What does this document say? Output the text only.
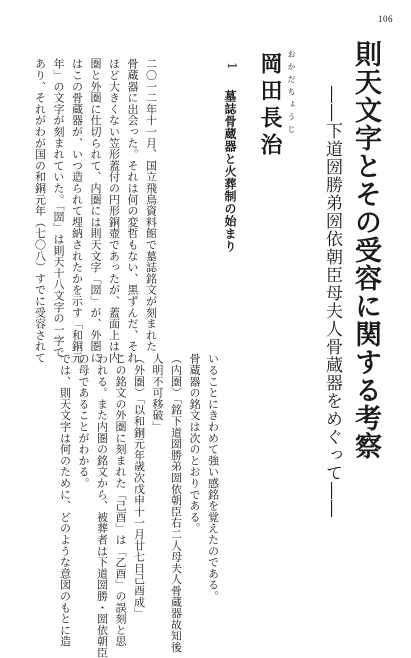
106
則天文字とその受容に関する考察
――下道圀勝弟圀依朝臣母夫人骨蔵器をめぐって――
おかだちょうじ
岡田長治
1
墓誌骨蔵器と火葬制の始まり
二〇一二年十一月、国立飛鳥資料館で墓誌銘文が刻まれた
骨蔵器に出会った。それは何の変哲もない、黒ずんだ、それ
ほど大きくない笠形蓋付の円形銅壺であったが、蓋面上は内
圏と外圏に仕切られて、内圏には則天文字「圀」が、外圏に
はこの骨蔵器が、いつ造られて埋納されたかを示す「和銅元
年」の文字が刻まれていた。「圀」は則天十八文字の一字で
あり、それがわが国の和銅元年（七〇八）すでに受容されて
いることにきわめて強い感銘を覚えたのである。
骨蔵器の銘文は次のとおりである。
（内圏）「銘下道圀勝弟圀依朝臣右二人母夫人骨蔵器故知後
人明不可移破」
（外圏）「以和銅元年歳次戊申十一月廿七日己酉成」
この銘文の外圏に刻まれた「己酉」は「乙酉」の誤刻と思
われる。また内圏の銘文から、被葬者は下道圀勝・圀依朝臣
の母であることがわかる。
では、則天文字は何のために、どのような意図のもとに造
